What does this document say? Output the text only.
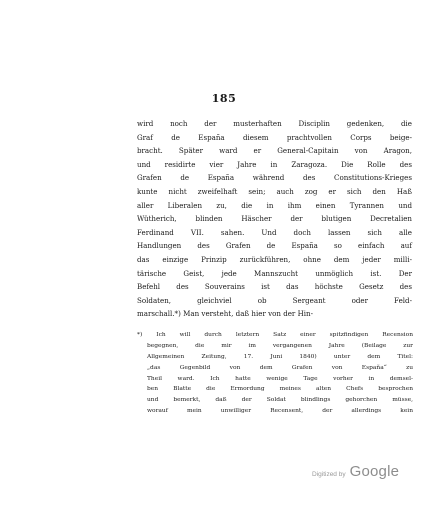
185
wird noch der musterhaften Disciplin gedenken, die
Graf de España diesem prachtvollen Corps beige-
bracht. Später ward er General-Capitain von Aragon,
und residirte vier Jahre in Zaragoza. Die Rolle des
Grafen de España während des Constitutions-Krieges
kunte nicht zweifelhaft sein; auch zog er sich den Haß
aller Liberalen zu, die in ihm einen Tyrannen und
Wütherich, blinden Häscher der blutigen Decretalien
Ferdinand VII. sahen. Und doch lassen sich alle
Handlungen des Grafen de España so einfach auf
das einzige Prinzip zurückführen, ohne dem jeder milli-
tärische Geist, jede Mannszucht unmöglich ist. Der
Befehl des Souverains ist das höchste Gesetz des
Soldaten, gleichviel ob Sergeant oder Feld-
marschall.*) Man versteht, daß hier von der Hin-
*) Ich will durch letztern Satz einer spitzfindigen Recension
begegnen, die mir im vergangenen Jahre (Beilage zur
Allgemeinen Zeitung, 17. Juni 1840) unter dem Titel:
„das Gegenbild von dem Grafen von España“ zu
Theil ward. Ich hatte wenige Tage vorher in demsel-
ben Blatte die Ermordung meines alten Chefs besprochen
und bemerkt, daß der Soldat blindlings gehorchen müsse,
worauf mein unwilliger Recensent, der allerdings kein
Digitized by Google
